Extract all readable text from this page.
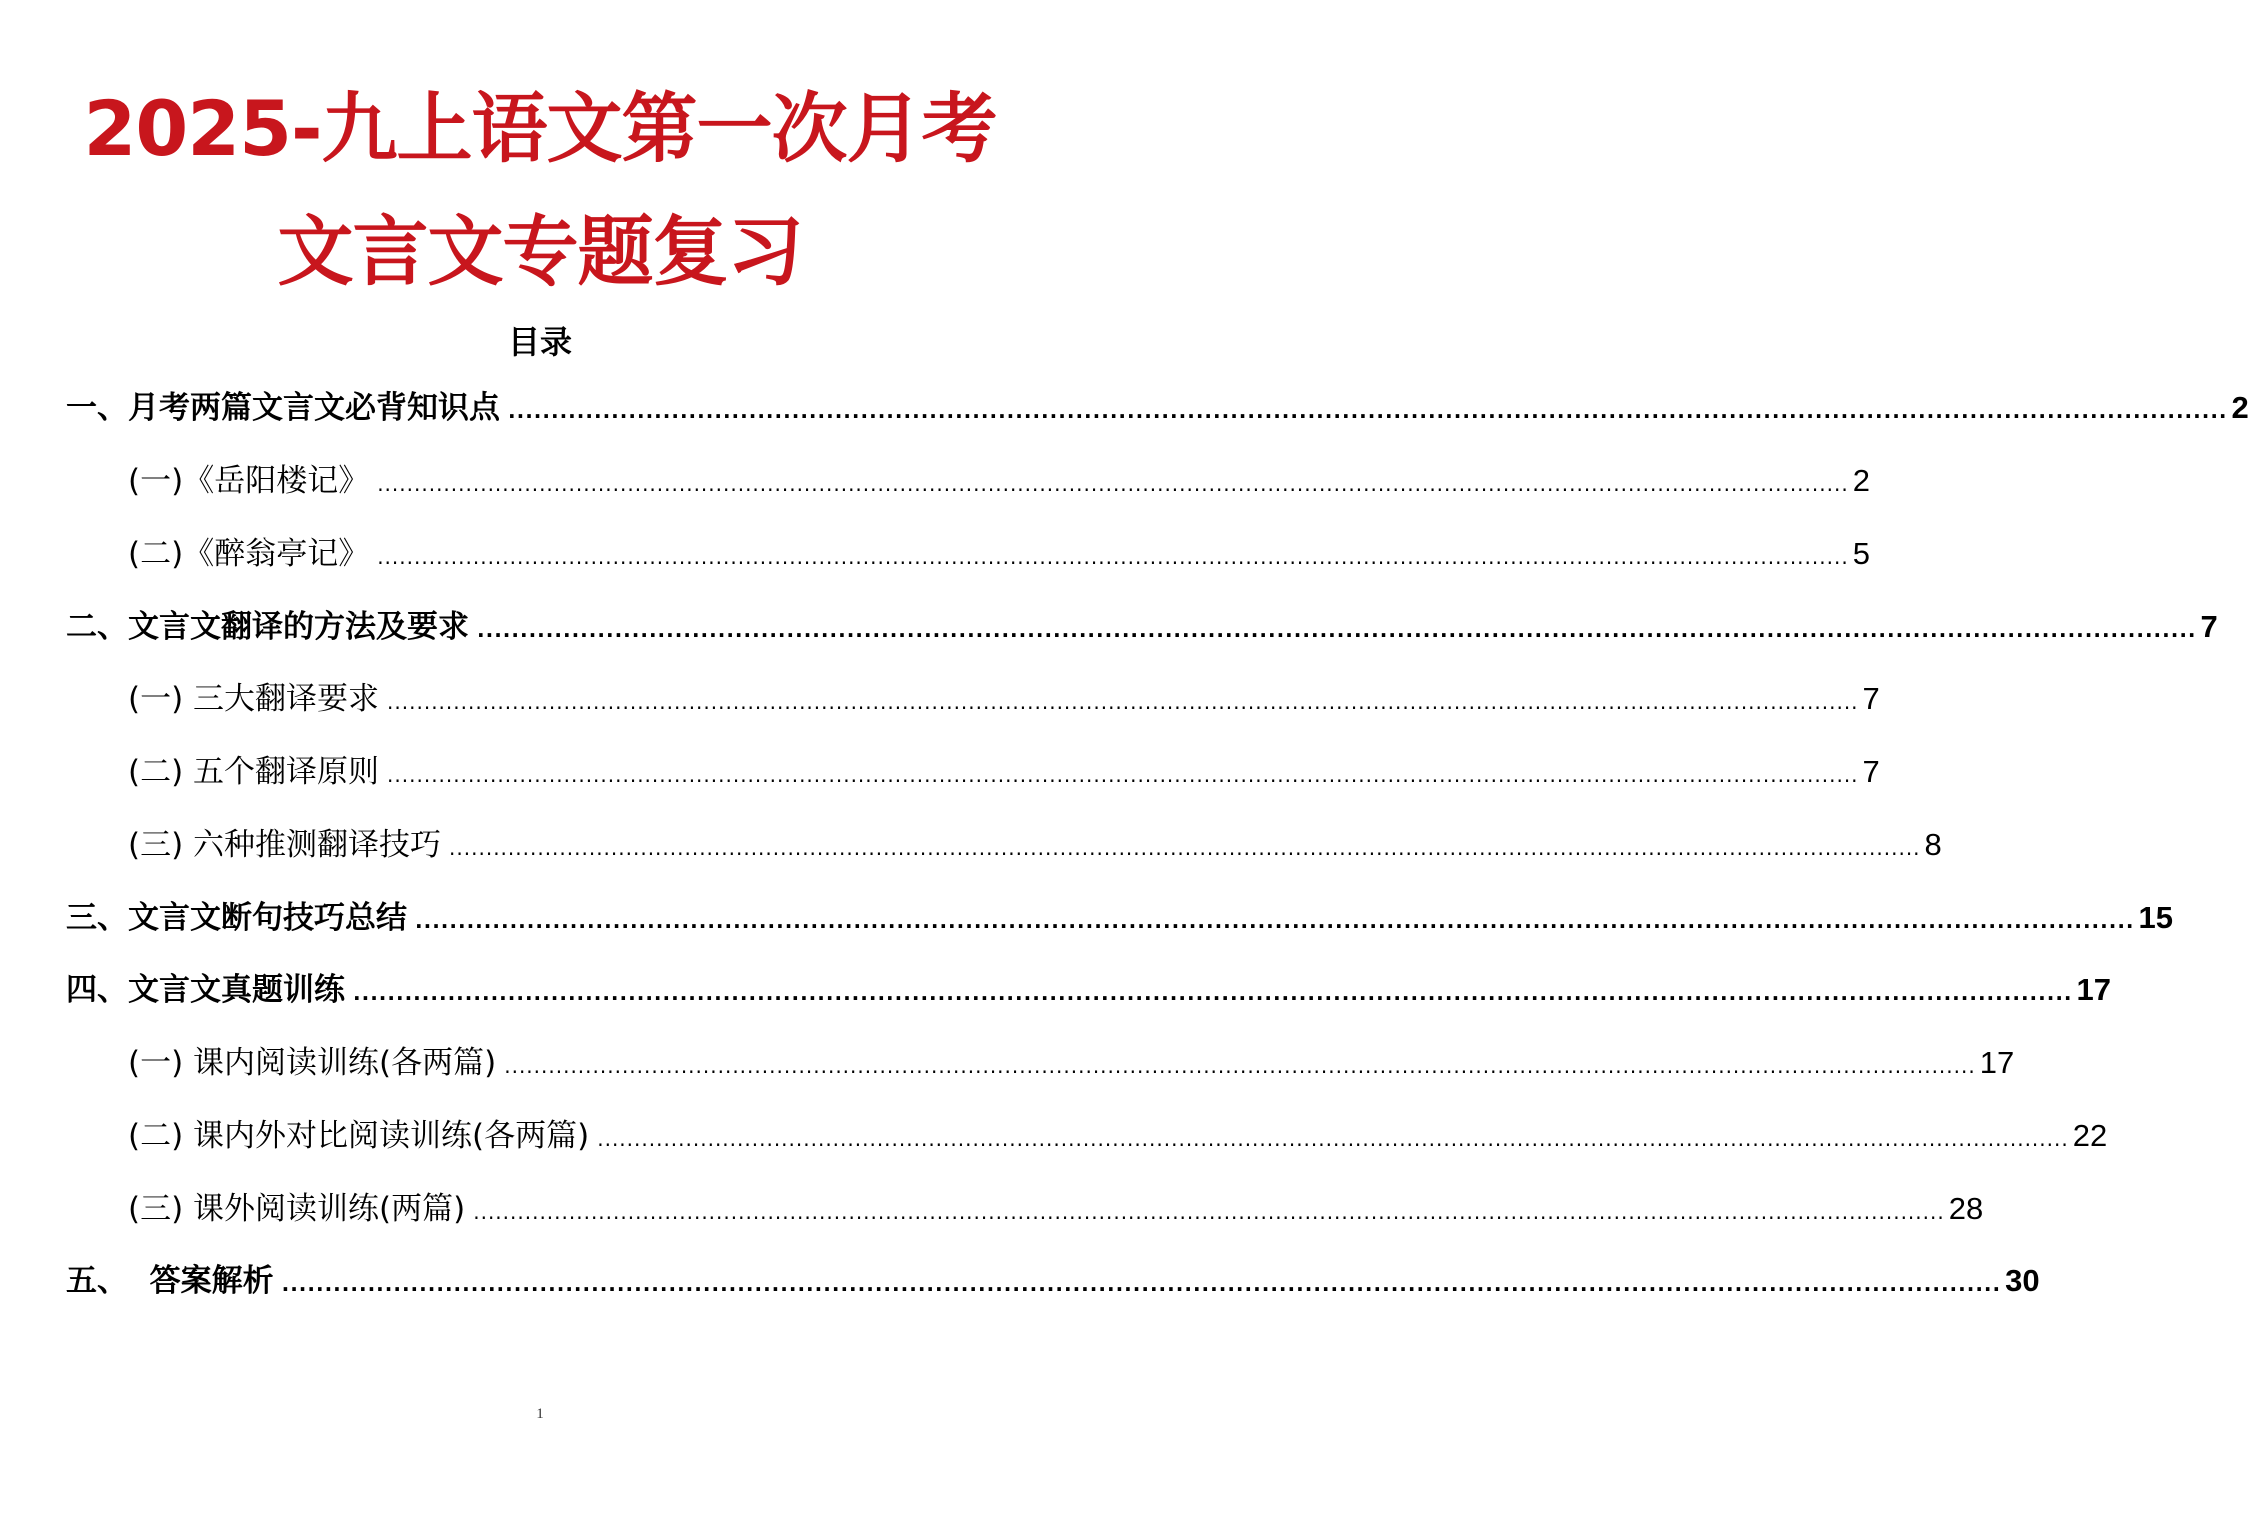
2025-九上语文第一次月考
文言文专题复习
目录
一、月考两篇文言文必背知识点 ........................................................................................................................................................................................................ 2
(一)《岳阳楼记》 ........................................................................................................................................................................................................ 2
(二)《醉翁亭记》 ........................................................................................................................................................................................................ 5
二、文言文翻译的方法及要求 ........................................................................................................................................................................................................ 7
(一) 三大翻译要求 ........................................................................................................................................................................................................ 7
(二) 五个翻译原则 ........................................................................................................................................................................................................ 7
(三) 六种推测翻译技巧 ........................................................................................................................................................................................................ 8
三、文言文断句技巧总结 ........................................................................................................................................................................................................ 15
四、文言文真题训练 ........................................................................................................................................................................................................ 17
(一) 课内阅读训练(各两篇) ........................................................................................................................................................................................................ 17
(二) 课内外对比阅读训练(各两篇) ........................................................................................................................................................................................................ 22
(三) 课外阅读训练(两篇) ........................................................................................................................................................................................................ 28
五、  答案解析 ........................................................................................................................................................................................................ 30
1
